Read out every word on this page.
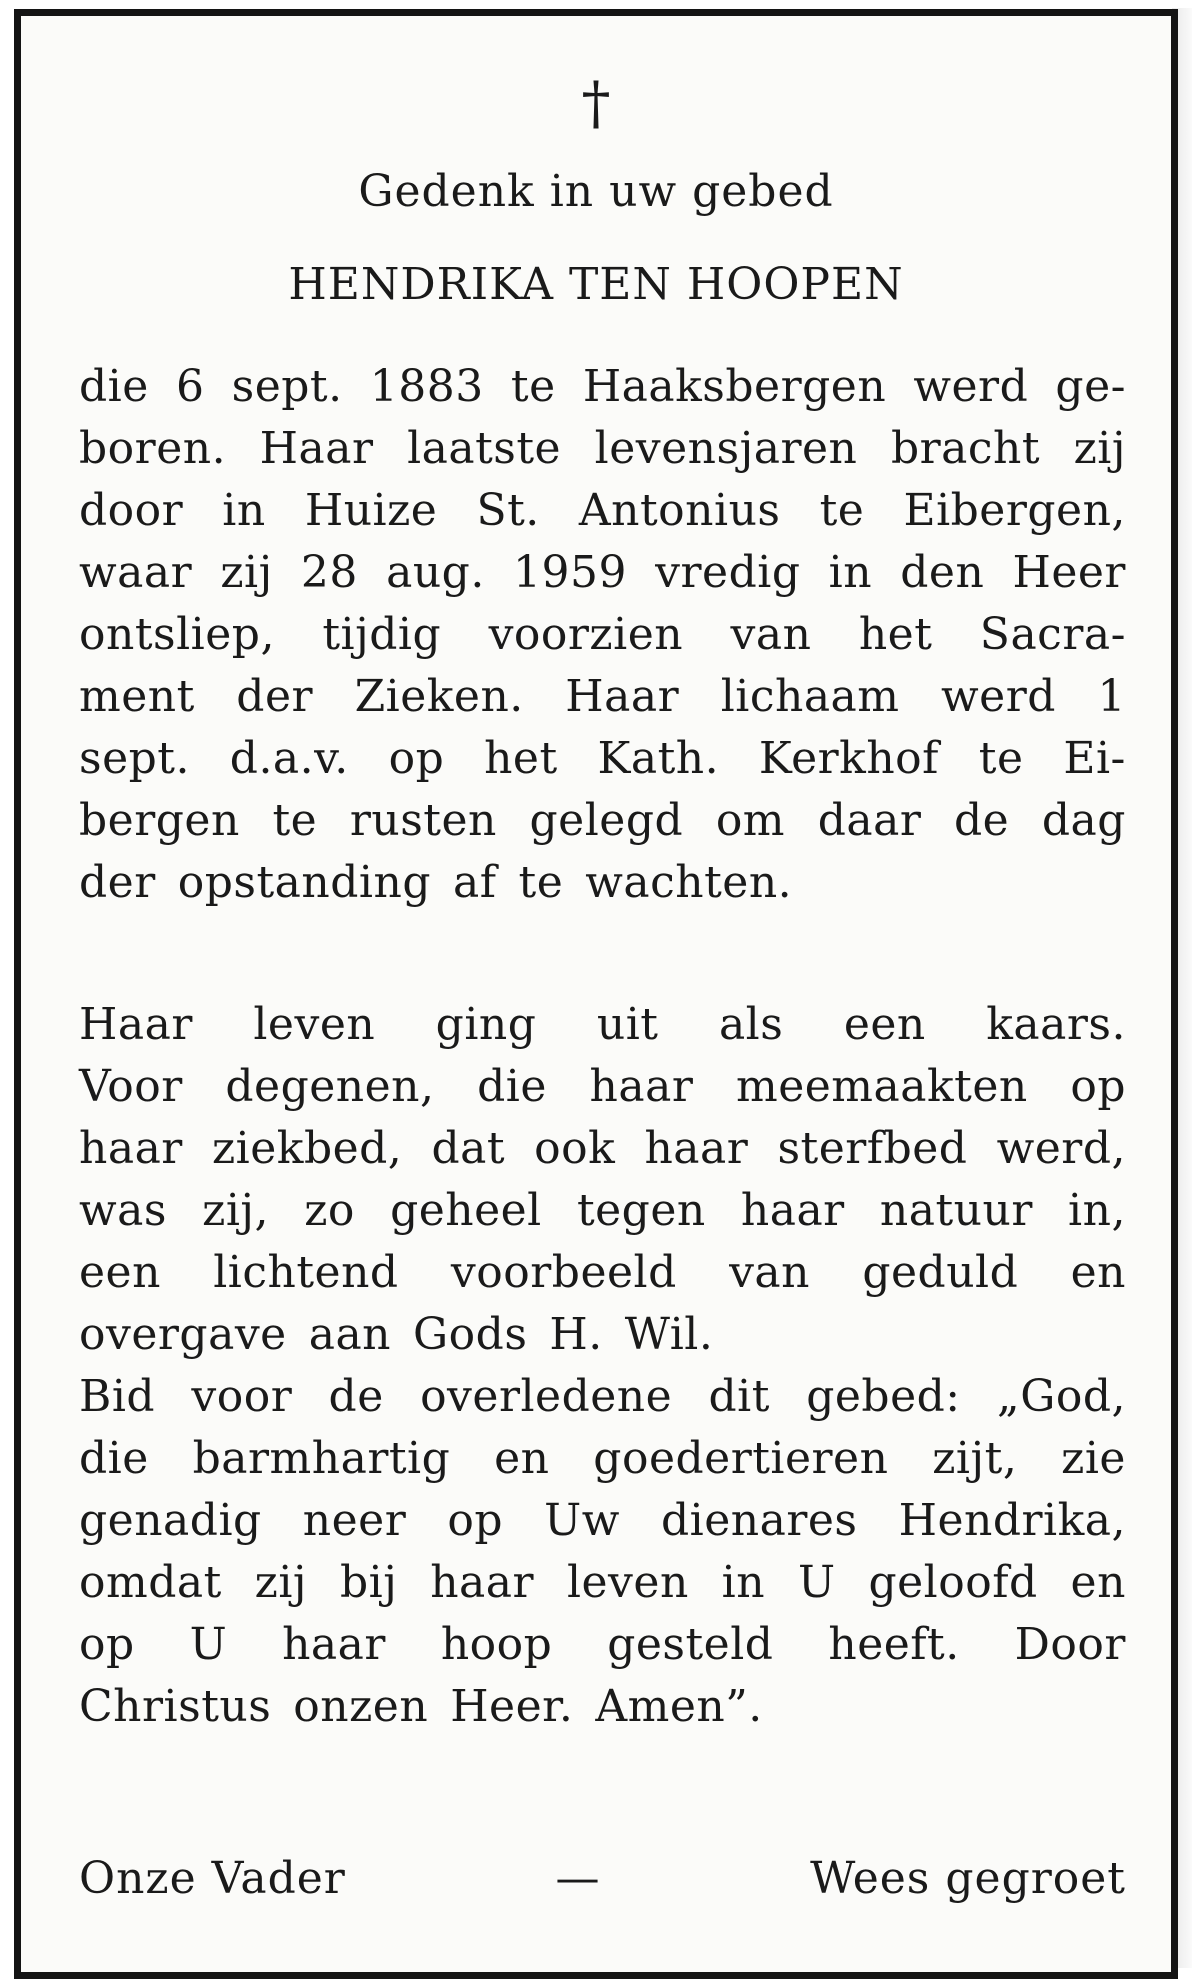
†
Gedenk in uw gebed
HENDRIKA TEN HOOPEN
die 6 sept. 1883 te Haaksbergen werd ge-
boren. Haar laatste levensjaren bracht zij
door in Huize St. Antonius te Eibergen,
waar zij 28 aug. 1959 vredig in den Heer
ontsliep, tijdig voorzien van het Sacra-
ment der Zieken. Haar lichaam werd 1
sept. d.a.v. op het Kath. Kerkhof te Ei-
bergen te rusten gelegd om daar de dag
der opstanding af te wachten.
Haar leven ging uit als een kaars.
Voor degenen, die haar meemaakten op
haar ziekbed, dat ook haar sterfbed werd,
was zij, zo geheel tegen haar natuur in,
een lichtend voorbeeld van geduld en
overgave aan Gods H. Wil.
Bid voor de overledene dit gebed: „God,
die barmhartig en goedertieren zijt, zie
genadig neer op Uw dienares Hendrika,
omdat zij bij haar leven in U geloofd en
op U haar hoop gesteld heeft. Door
Christus onzen Heer. Amen”.
Onze Vader	—	Wees gegroet
